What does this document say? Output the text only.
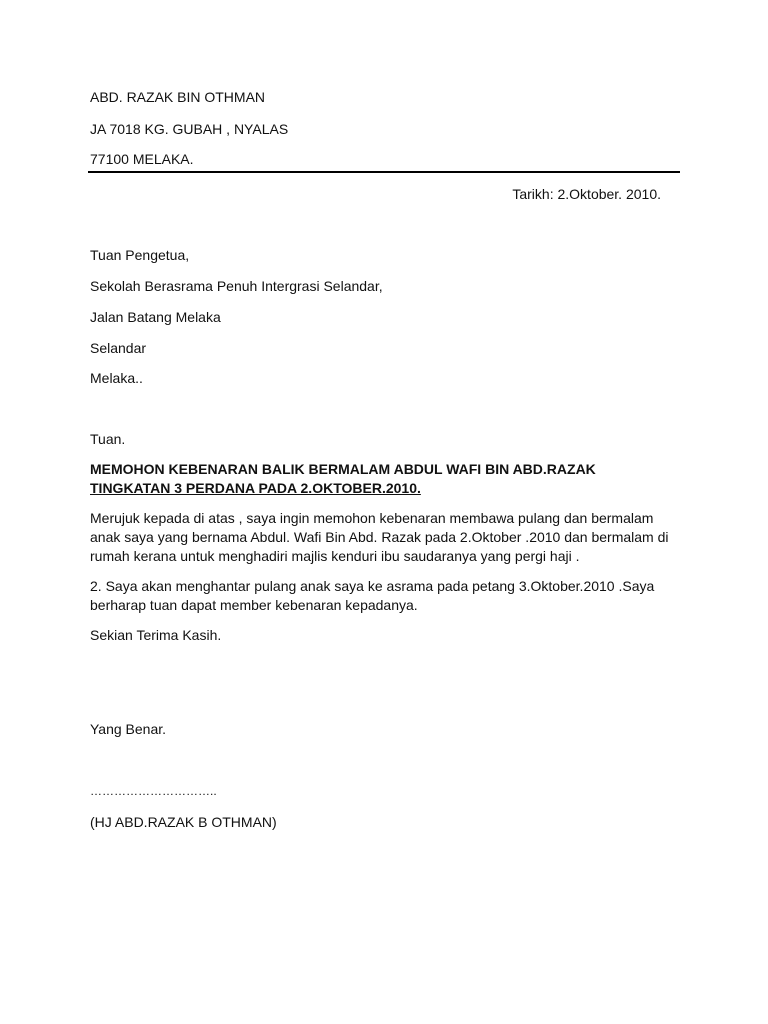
ABD. RAZAK BIN OTHMAN
JA 7018 KG. GUBAH , NYALAS
77100 MELAKA.
Tarikh: 2.Oktober. 2010.
Tuan Pengetua,
Sekolah Berasrama Penuh Intergrasi Selandar,
Jalan Batang Melaka
Selandar
Melaka..
Tuan.
MEMOHON KEBENARAN BALIK BERMALAM ABDUL WAFI BIN ABD.RAZAK
TINGKATAN 3 PERDANA PADA 2.OKTOBER.2010.
Merujuk kepada di atas , saya ingin memohon kebenaran membawa pulang dan bermalam
anak saya yang bernama Abdul. Wafi Bin Abd. Razak pada 2.Oktober .2010 dan bermalam di
rumah kerana untuk menghadiri majlis kenduri ibu saudaranya yang pergi haji .
2. Saya akan menghantar pulang anak saya ke asrama pada petang 3.Oktober.2010 .Saya
berharap tuan dapat member kebenaran kepadanya.
Sekian Terima Kasih.
Yang Benar.
…………………………..
(HJ ABD.RAZAK B OTHMAN)
